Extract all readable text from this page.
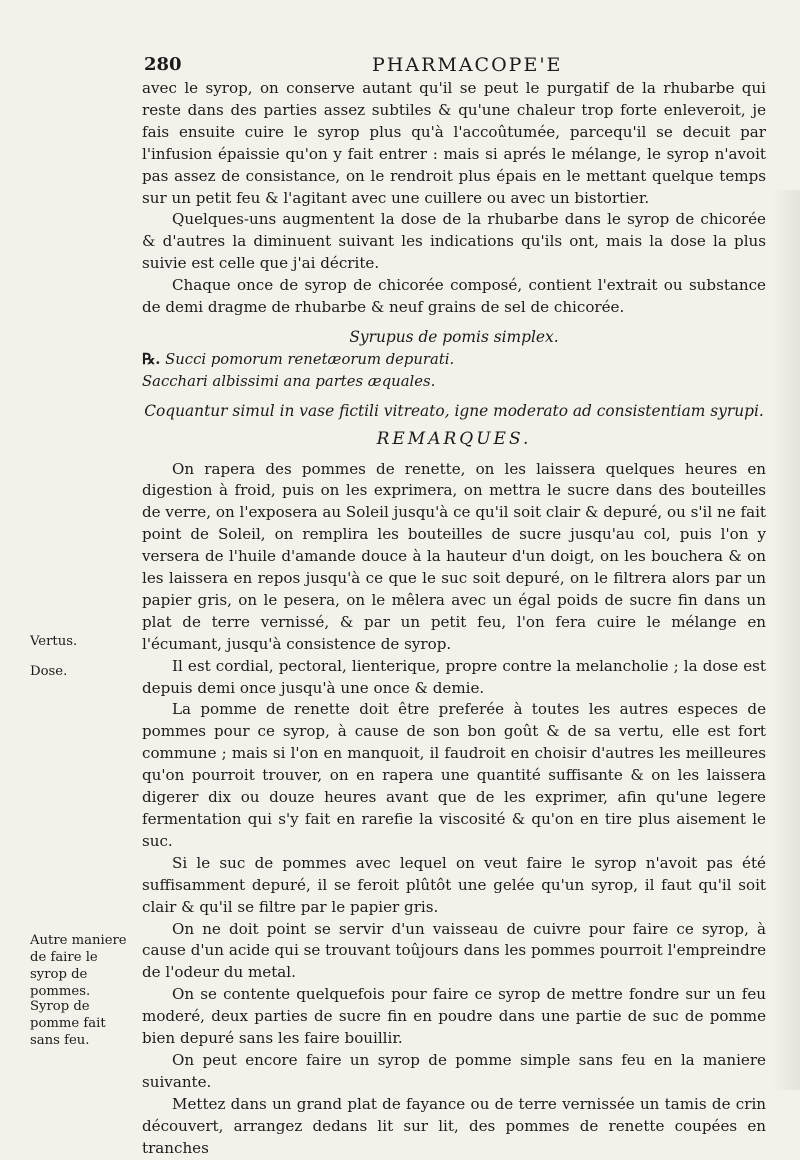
280	PHARMACOPE'E

avec le syrop, on conserve autant qu'il se peut le purgatif de la rhubarbe qui reste dans des parties assez subtiles & qu'une chaleur trop forte enleveroit, je fais ensuite cuire le syrop plus qu'à l'accoûtumée, parcequ'il se decuit par l'infusion épaissie qu'on y fait entrer : mais si aprés le mélange, le syrop n'avoit pas assez de consistance, on le rendroit plus épais en le mettant quelque temps sur un petit feu & l'agitant avec une cuillere ou avec un bistortier.

Quelques-uns augmentent la dose de la rhubarbe dans le syrop de chicorée & d'autres la diminuent suivant les indications qu'ils ont, mais la dose la plus suivie est celle que j'ai décrite.

Chaque once de syrop de chicorée composé, contient l'extrait ou substance de demi dragme de rhubarbe & neuf grains de sel de chicorée.

Syrupus de pomis simplex.

℞. Succi pomorum renetæorum depurati.

Sacchari albissimi ana partes æquales.

Coquantur simul in vase fictili vitreato, igne moderato ad consistentiam syrupi.

REMARQUES.

On rapera des pommes de renette, on les laissera quelques heures en digestion à froid, puis on les exprimera, on mettra le sucre dans des bouteilles de verre, on l'exposera au Soleil jusqu'à ce qu'il soit clair & depuré, ou s'il ne fait point de Soleil, on remplira les bouteilles de sucre jusqu'au col, puis l'on y versera de l'huile d'amande douce à la hauteur d'un doigt, on les bouchera & on les laissera en repos jusqu'à ce que le suc soit depuré, on le filtrera alors par un papier gris, on le pesera, on le mêlera avec un égal poids de sucre fin dans un plat de terre vernissé, & par un petit feu, l'on fera cuire le mélange en l'écumant, jusqu'à consistence de syrop.

Il est cordial, pectoral, lienterique, propre contre la melancholie ; la dose est depuis demi once jusqu'à une once & demie.

La pomme de renette doit être preferée à toutes les autres especes de pommes pour ce syrop, à cause de son bon goût & de sa vertu, elle est fort commune ; mais si l'on en manquoit, il faudroit en choisir d'autres les meilleures qu'on pourroit trouver, on en rapera une quantité suffisante & on les laissera digerer dix ou douze heures avant que de les exprimer, afin qu'une legere fermentation qui s'y fait en rarefie la viscosité & qu'on en tire plus aisement le suc.

Si le suc de pommes avec lequel on veut faire le syrop n'avoit pas été suffisamment depuré, il se feroit plûtôt une gelée qu'un syrop, il faut qu'il soit clair & qu'il se filtre par le papier gris.

On ne doit point se servir d'un vaisseau de cuivre pour faire ce syrop, à cause d'un acide qui se trouvant toûjours dans les pommes pourroit l'empreindre de l'odeur du metal.

On se contente quelquefois pour faire ce syrop de mettre fondre sur un feu moderé, deux parties de sucre fin en poudre dans une partie de suc de pomme bien depuré sans les faire bouillir.

On peut encore faire un syrop de pomme simple sans feu en la maniere suivante.

Mettez dans un grand plat de fayance ou de terre vernissée un tamis de crin découvert, arrangez dedans lit sur lit, des pommes de renette coupées en tranches

Vertus.
Dose.
Autre maniere de faire le syrop de pommes.
Syrop de pomme fait sans feu.
